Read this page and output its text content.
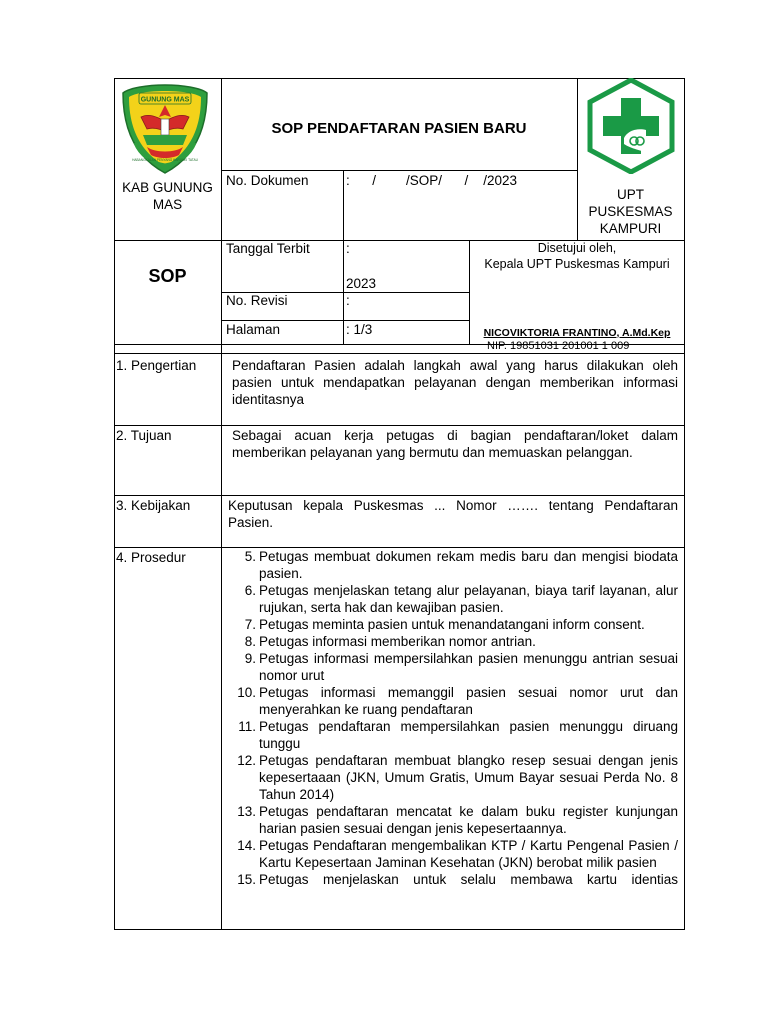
GUNUNG MAS
HABANGKALAN PENYANG KARUHEI TATAU
KAB GUNUNG
MAS
SOP PENDAFTARAN PASIEN BARU
UPT
PUSKESMAS
KAMPURI
No. Dokumen	:      /        /SOP/      /    /2023
SOP
Tanggal Terbit	:
2023
No. Revisi	:
Halaman	: 1/3
Disetujui oleh,
Kepala UPT Puskesmas Kampuri
NICOVIKTORIA FRANTINO, A.Md.Kep
NIP. 19851031 201001 1 009
1. Pengertian	Pendaftaran Pasien adalah langkah awal yang harus dilakukan oleh pasien untuk mendapatkan pelayanan dengan memberikan informasi identitasnya
2. Tujuan	Sebagai acuan kerja petugas di bagian pendaftaran/loket dalam memberikan pelayanan yang bermutu dan memuaskan pelanggan.
3. Kebijakan	Keputusan kepala Puskesmas ... Nomor ……. tentang Pendaftaran Pasien.
4. Prosedur	5. Petugas membuat dokumen rekam medis baru dan mengisi biodata pasien.
6. Petugas menjelaskan tetang alur pelayanan, biaya tarif layanan, alur rujukan, serta hak dan kewajiban pasien.
7. Petugas meminta pasien untuk menandatangani inform consent.
8. Petugas informasi memberikan nomor antrian.
9. Petugas informasi mempersilahkan pasien menunggu antrian sesuai nomor urut
10. Petugas informasi memanggil pasien sesuai nomor urut dan menyerahkan ke ruang pendaftaran
11. Petugas pendaftaran mempersilahkan pasien menunggu diruang tunggu
12. Petugas pendaftaran membuat blangko resep sesuai dengan jenis kepesertaaan (JKN, Umum Gratis, Umum Bayar sesuai Perda No. 8 Tahun 2014)
13. Petugas pendaftaran mencatat ke dalam buku register kunjungan harian pasien sesuai dengan jenis kepesertaannya.
14. Petugas Pendaftaran mengembalikan KTP / Kartu Pengenal Pasien / Kartu Kepesertaan Jaminan Kesehatan (JKN) berobat milik pasien
15. Petugas menjelaskan untuk selalu membawa kartu identias
